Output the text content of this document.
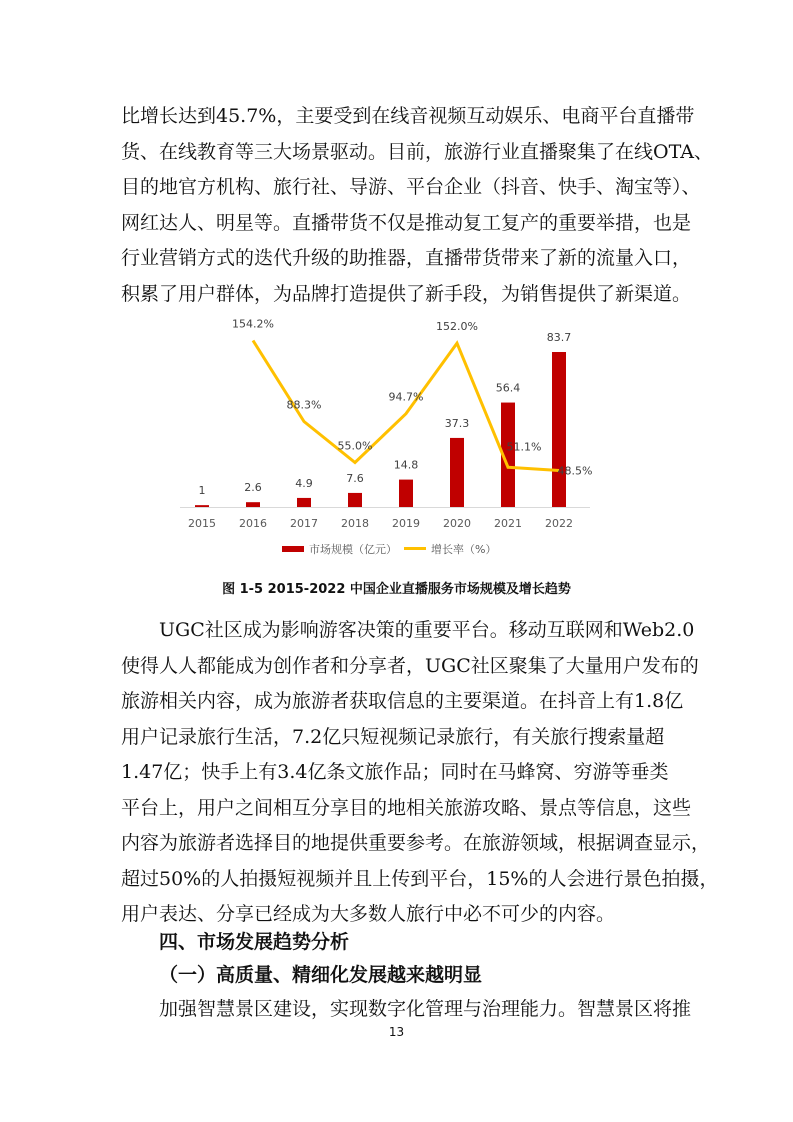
比增长达到45.7%，主要受到在线音视频互动娱乐、电商平台直播带
货、在线教育等三大场景驱动。目前，旅游行业直播聚集了在线OTA、
目的地官方机构、旅行社、导游、平台企业（抖音、快手、淘宝等）、
网红达人、明星等。直播带货不仅是推动复工复产的重要举措，也是
行业营销方式的迭代升级的助推器，直播带货带来了新的流量入口，
积累了用户群体，为品牌打造提供了新手段，为销售提供了新渠道。
1	2.6	4.9	7.6
14.8
37.3
56.4
83.7
2015 2016 2017 2018 2019 2020 2021 2022
154.2%
88.3%
55.0%
94.7%
152.0%
51.1%
48.5%
市场规模（亿元）	增长率（%）
图 1-5 2015-2022 中国企业直播服务市场规模及增长趋势
　　UGC社区成为影响游客决策的重要平台。移动互联网和Web2.0
使得人人都能成为创作者和分享者，UGC社区聚集了大量用户发布的
旅游相关内容，成为旅游者获取信息的主要渠道。在抖音上有1.8亿
用户记录旅行生活，7.2亿只短视频记录旅行，有关旅行搜索量超
1.47亿；快手上有3.4亿条文旅作品；同时在马蜂窝、穷游等垂类
平台上，用户之间相互分享目的地相关旅游攻略、景点等信息，这些
内容为旅游者选择目的地提供重要参考。在旅游领域，根据调查显示，
超过50%的人拍摄短视频并且上传到平台，15%的人会进行景色拍摄，
用户表达、分享已经成为大多数人旅行中必不可少的内容。
四、市场发展趋势分析
（一）高质量、精细化发展越来越明显

加强智慧景区建设，实现数字化管理与治理能力。智慧景区将推

13
